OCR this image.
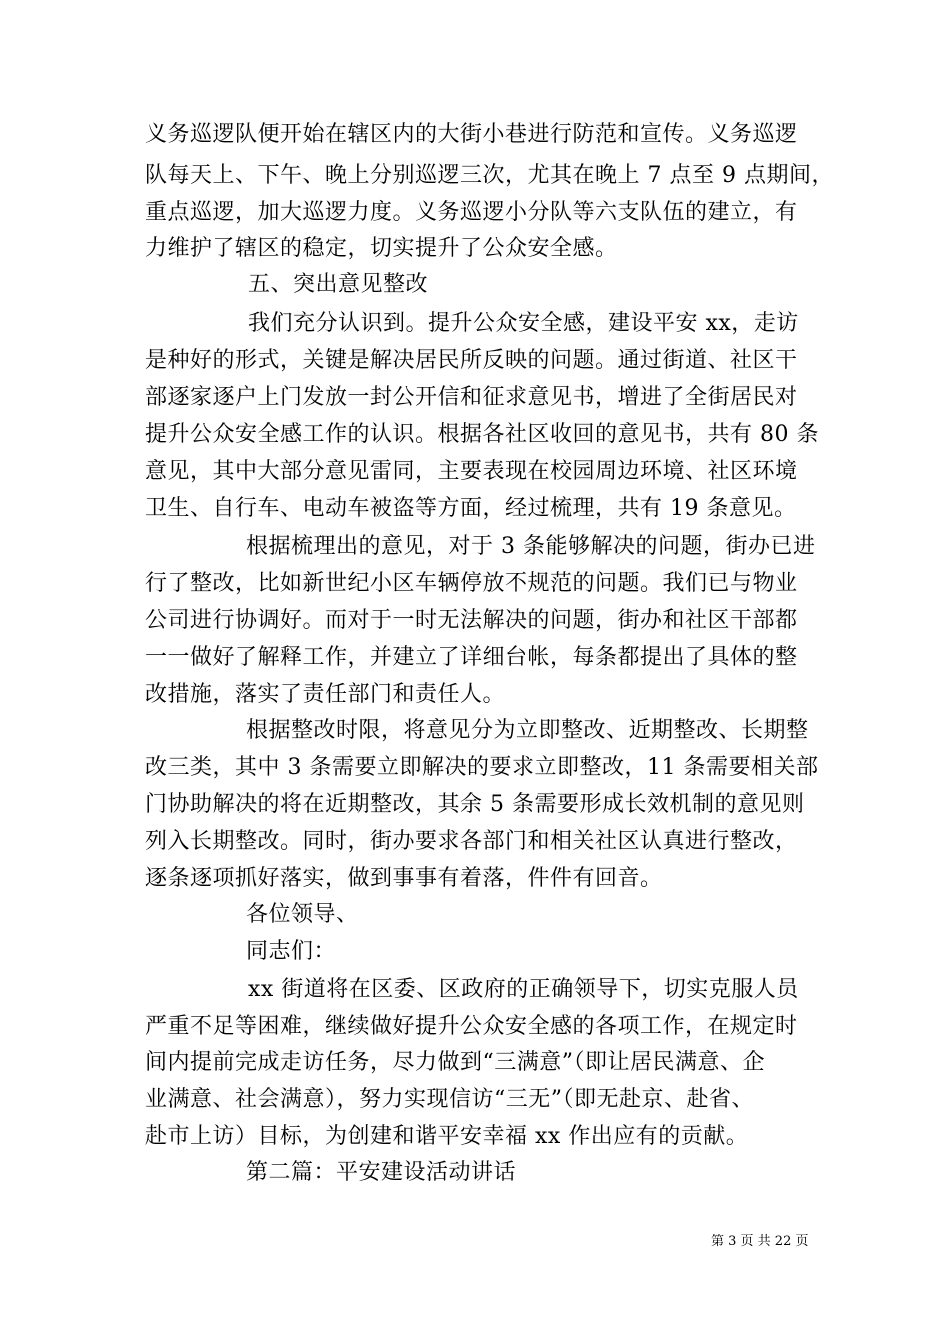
义务巡逻队便开始在辖区内的大街小巷进行防范和宣传。义务巡逻
队每天上、下午、晚上分别巡逻三次，尤其在晚上 7 点至 9 点期间，
重点巡逻，加大巡逻力度。义务巡逻小分队等六支队伍的建立，有
力维护了辖区的稳定，切实提升了公众安全感。
五、突出意见整改
我们充分认识到。提升公众安全感，建设平安 xx，走访
是种好的形式，关键是解决居民所反映的问题。通过街道、社区干
部逐家逐户上门发放一封公开信和征求意见书，增进了全街居民对
提升公众安全感工作的认识。根据各社区收回的意见书，共有 80 条
意见，其中大部分意见雷同，主要表现在校园周边环境、社区环境
卫生、自行车、电动车被盗等方面，经过梳理，共有 19 条意见。
根据梳理出的意见，对于 3 条能够解决的问题，街办已进
行了整改，比如新世纪小区车辆停放不规范的问题。我们已与物业
公司进行协调好。而对于一时无法解决的问题，街办和社区干部都
一一做好了解释工作，并建立了详细台帐，每条都提出了具体的整
改措施，落实了责任部门和责任人。
根据整改时限，将意见分为立即整改、近期整改、长期整
改三类，其中 3 条需要立即解决的要求立即整改，11 条需要相关部
门协助解决的将在近期整改，其余 5 条需要形成长效机制的意见则
列入长期整改。同时，街办要求各部门和相关社区认真进行整改，
逐条逐项抓好落实，做到事事有着落，件件有回音。
各位领导、
同志们：
xx 街道将在区委、区政府的正确领导下，切实克服人员
严重不足等困难，继续做好提升公众安全感的各项工作，在规定时
间内提前完成走访任务，尽力做到“三满意”（即让居民满意、企
业满意、社会满意），努力实现信访“三无”（即无赴京、赴省、
赴市上访）目标，为创建和谐平安幸福 xx 作出应有的贡献。
第二篇：平安建设活动讲话
第 3 页 共 22 页
